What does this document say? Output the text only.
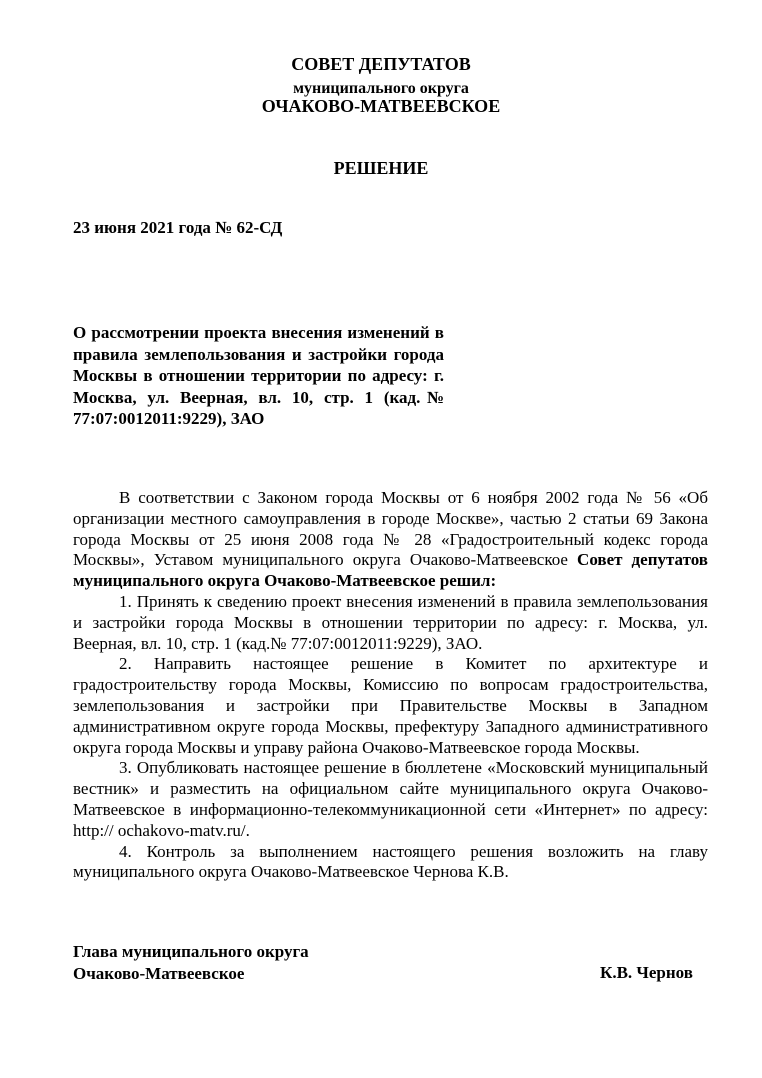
СОВЕТ ДЕПУТАТОВ
муниципального округа
ОЧАКОВО-МАТВЕЕВСКОЕ
РЕШЕНИЕ
23 июня 2021 года № 62-СД
О рассмотрении проекта внесения изменений в правила землепользования и застройки города Москвы в отношении территории по адресу: г. Москва, ул. Веерная, вл. 10, стр. 1 (кад.№ 77:07:0012011:9229), ЗАО

В соответствии с Законом города Москвы от 6 ноября 2002 года № 56 «Об организации местного самоуправления в городе Москве», частью 2 статьи 69 Закона города Москвы от 25 июня 2008 года № 28 «Градостроительный кодекс города Москвы», Уставом муниципального округа Очаково-Матвеевское Совет депутатов муниципального округа Очаково-Матвеевское решил:

1. Принять к сведению проект внесения изменений в правила землепользования и застройки города Москвы в отношении территории по адресу: г. Москва, ул. Веерная, вл. 10, стр. 1 (кад.№ 77:07:0012011:9229), ЗАО.

2. Направить настоящее решение в Комитет по архитектуре и градостроительству города Москвы, Комиссию по вопросам градостроительства, землепользования и застройки при Правительстве Москвы в Западном административном округе города Москвы, префектуру Западного административного округа города Москвы и управу района Очаково-Матвеевское города Москвы.

3. Опубликовать настоящее решение в бюллетене «Московский муниципальный вестник» и разместить на официальном сайте муниципального округа Очаково-Матвеевское в информационно-телекоммуникационной сети «Интернет» по адресу: http:// ochakovo-matv.ru/.

4. Контроль за выполнением настоящего решения возложить на главу муниципального округа Очаково-Матвеевское Чернова К.В.

Глава муниципального округа
Очаково-Матвеевское	К.В. Чернов
